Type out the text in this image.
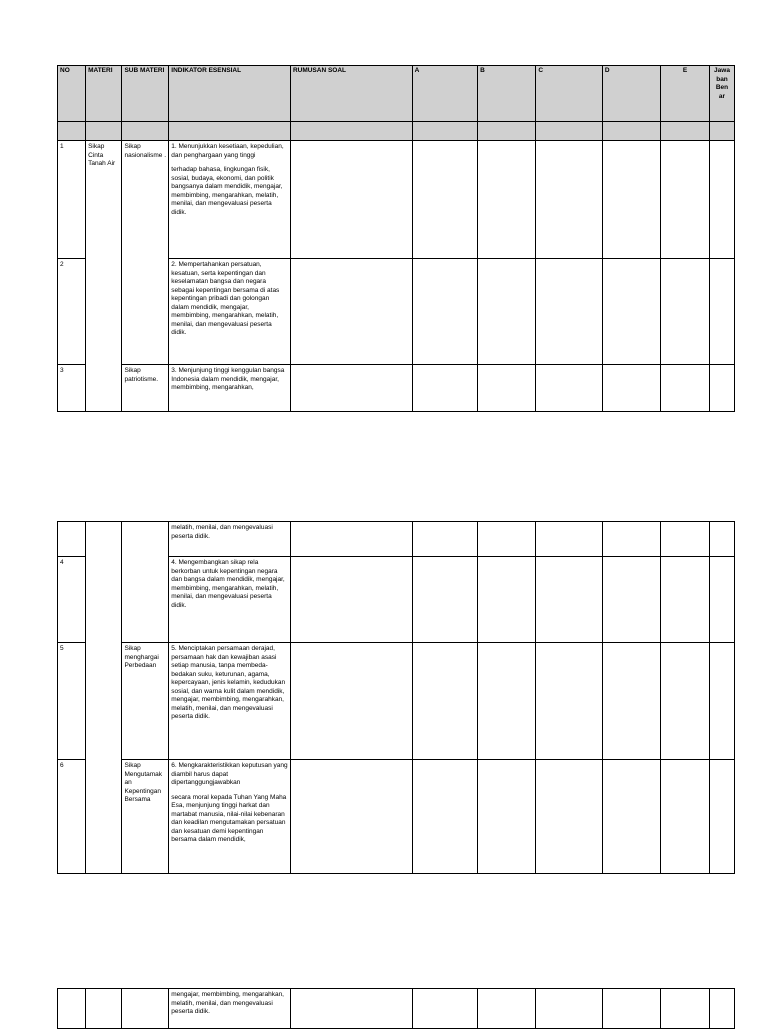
NO	MATERI	SUB MATERI	INDIKATOR ESENSIAL	RUMUSAN SOAL	A	B	C	D	E	Jawa ban Ben ar

1	Sikap Cinta Tanah Air	Sikap nasionalisme .	1. Menunjukkan kesetiaan, kepedulian, dan penghargaan yang tinggi

terhadap bahasa, lingkungan fisik, sosial, budaya, ekonomi, dan politik bangsanya dalam mendidik, mengajar, membimbing, mengarahkan, melatih, menilai, dan mengevaluasi peserta didik.							

2			2. Mempertahankan persatuan, kesatuan, serta kepentingan dan keselamatan bangsa dan negara sebagai kepentingan bersama di atas kepentingan pribadi dan golongan dalam mendidik, mengajar, membimbing, mengarahkan, melatih, menilai, dan mengevaluasi peserta didik.							
3		Sikap patriotisme.	3. Menjunjung tinggi kenggulan bangsa Indonesia dalam mendidik, mengajar, membimbing, mengarahkan,							
			melatih, menilai, dan mengevaluasi peserta didik.							
4			4. Mengembangkan sikap rela berkorban untuk kepentingan negara dan bangsa dalam mendidik, mengajar, membimbing, mengarahkan, melatih, menilai, dan mengevaluasi peserta didik.							
5		Sikap menghargai Perbedaan	5. Menciptakan persamaan derajad, persamaan hak dan kewajiban asasi setiap manusia, tanpa membeda- bedakan suku, keturunan, agama, kepercayaan, jenis kelamin, kedudukan sosial, dan warna kulit dalam mendidik, mengajar, membimbing, mengarahkan, melatih, menilai, dan mengevaluasi peserta didik.							
6		Sikap Mengutamak an Kepentingan Bersama	6. Mengkarakteristikkan keputusan yang diambil harus dapat dipertanggungjawabkan

secara moral kepada Tuhan Yang Maha Esa, menjunjung tinggi harkat dan martabat manusia, nilai-nilai kebenaran dan keadilan mengutamakan persatuan dan kesatuan demi kepentingan bersama dalam mendidik,							

			mengajar, membimbing, mengarahkan, melatih, menilai, dan mengevaluasi peserta didik.							
